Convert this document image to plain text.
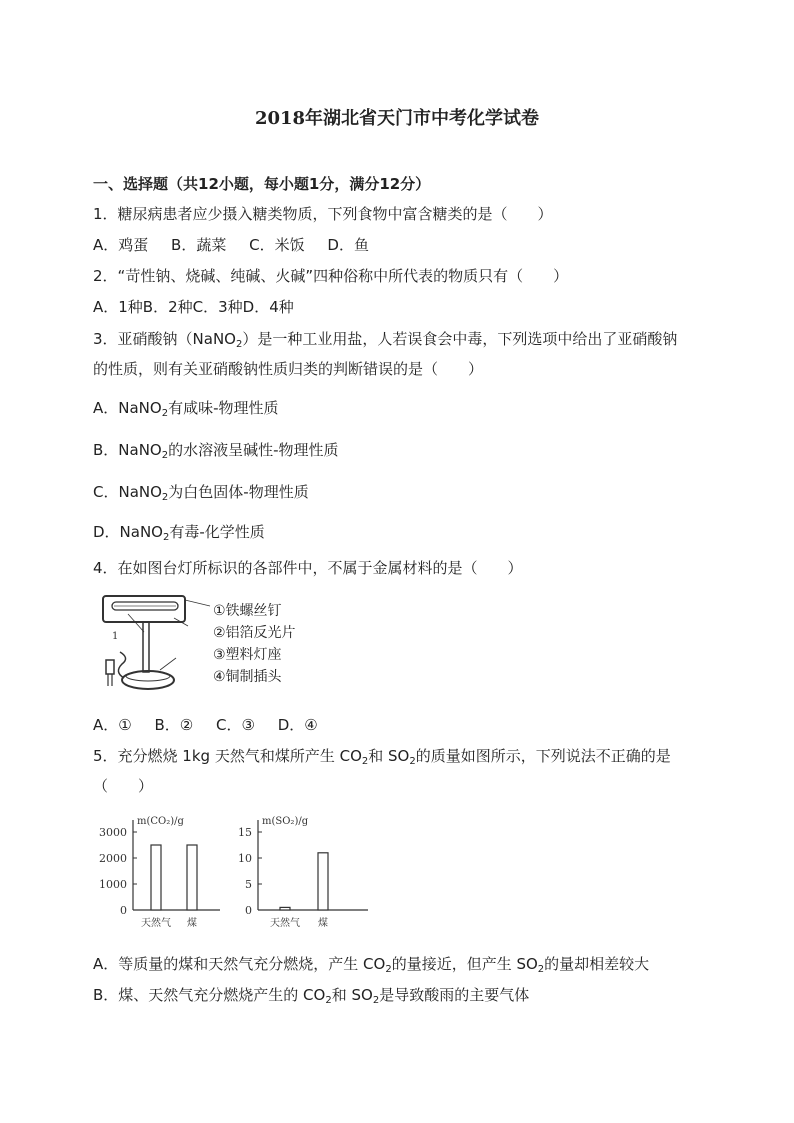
2018年湖北省天门市中考化学试卷
一、选择题（共12小题，每小题1分，满分12分）
1．糖尿病患者应少摄入糖类物质，下列食物中富含糖类的是（　　）
A．鸡蛋 B．蔬菜 C．米饭 D．鱼
2．“苛性钠、烧碱、纯碱、火碱”四种俗称中所代表的物质只有（　　）
A．1种B．2种C．3种D．4种
3．亚硝酸钠（NaNO$_2$）是一种工业用盐，人若误食会中毒，下列选项中给出了亚硝酸钠
的性质，则有关亚硝酸钠性质归类的判断错误的是（　　）
A．NaNO$_2$有咸味-物理性质
B．NaNO$_2$的水溶液呈碱性-物理性质
C．NaNO$_2$为白色固体-物理性质
D．NaNO$_2$有毒-化学性质
4．在如图台灯所标识的各部件中，不属于金属材料的是（　　）
1
①铁螺丝钉
②铝箔反光片
③塑料灯座
④铜制插头
A．① B．② C．③ D．④
5．充分燃烧 1kg 天然气和煤所产生 $CO_2$和 $SO_2$的质量如图所示，下列说法不正确的是
（　　）
m(CO₂)/g
0
1000
2000
3000
天然气 煤
m(SO₂)/g
0
5
10
15
天然气 煤
A．等质量的煤和天然气充分燃烧，产生 $CO_2$的量接近，但产生 $SO_2$的量却相差较大
B．煤、天然气充分燃烧产生的 $CO_2$和 $SO_2$是导致酸雨的主要气体
